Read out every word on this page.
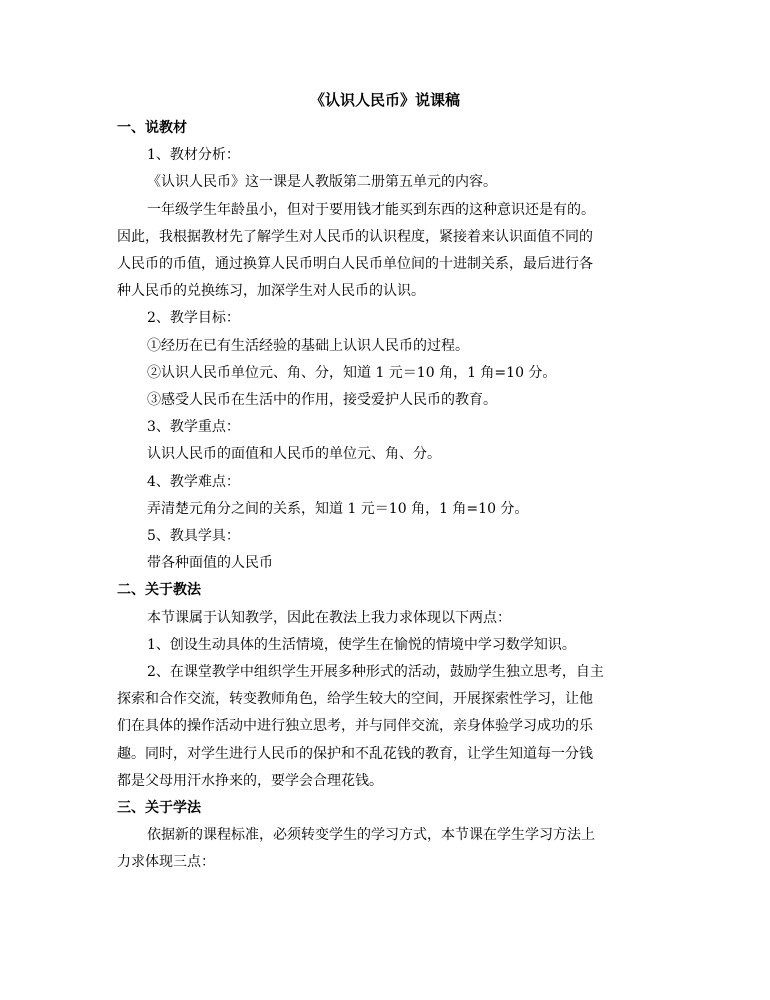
《认识人民币》说课稿
一、说教材
1、教材分析：
《认识人民币》这一课是人教版第二册第五单元的内容。
一年级学生年龄虽小，但对于要用钱才能买到东西的这种意识还是有的。
因此，我根据教材先了解学生对人民币的认识程度，紧接着来认识面值不同的
人民币的币值，通过换算人民币明白人民币单位间的十进制关系，最后进行各
种人民币的兑换练习，加深学生对人民币的认识。
2、教学目标：
①经历在已有生活经验的基础上认识人民币的过程。
②认识人民币单位元、角、分，知道 1 元＝10 角，1 角=10 分。
③感受人民币在生活中的作用，接受爱护人民币的教育。
3、教学重点：
认识人民币的面值和人民币的单位元、角、分。
4、教学难点：
弄清楚元角分之间的关系，知道 1 元＝10 角，1 角=10 分。
5、教具学具：
带各种面值的人民币
二、关于教法
本节课属于认知教学，因此在教法上我力求体现以下两点：
1、创设生动具体的生活情境，使学生在愉悦的情境中学习数学知识。
2、在课堂教学中组织学生开展多种形式的活动，鼓励学生独立思考，自主
探索和合作交流，转变教师角色，给学生较大的空间，开展探索性学习，让他
们在具体的操作活动中进行独立思考，并与同伴交流，亲身体验学习成功的乐
趣。同时，对学生进行人民币的保护和不乱花钱的教育，让学生知道每一分钱
都是父母用汗水挣来的，要学会合理花钱。
三、关于学法
依据新的课程标准，必须转变学生的学习方式，本节课在学生学习方法上
力求体现三点：
